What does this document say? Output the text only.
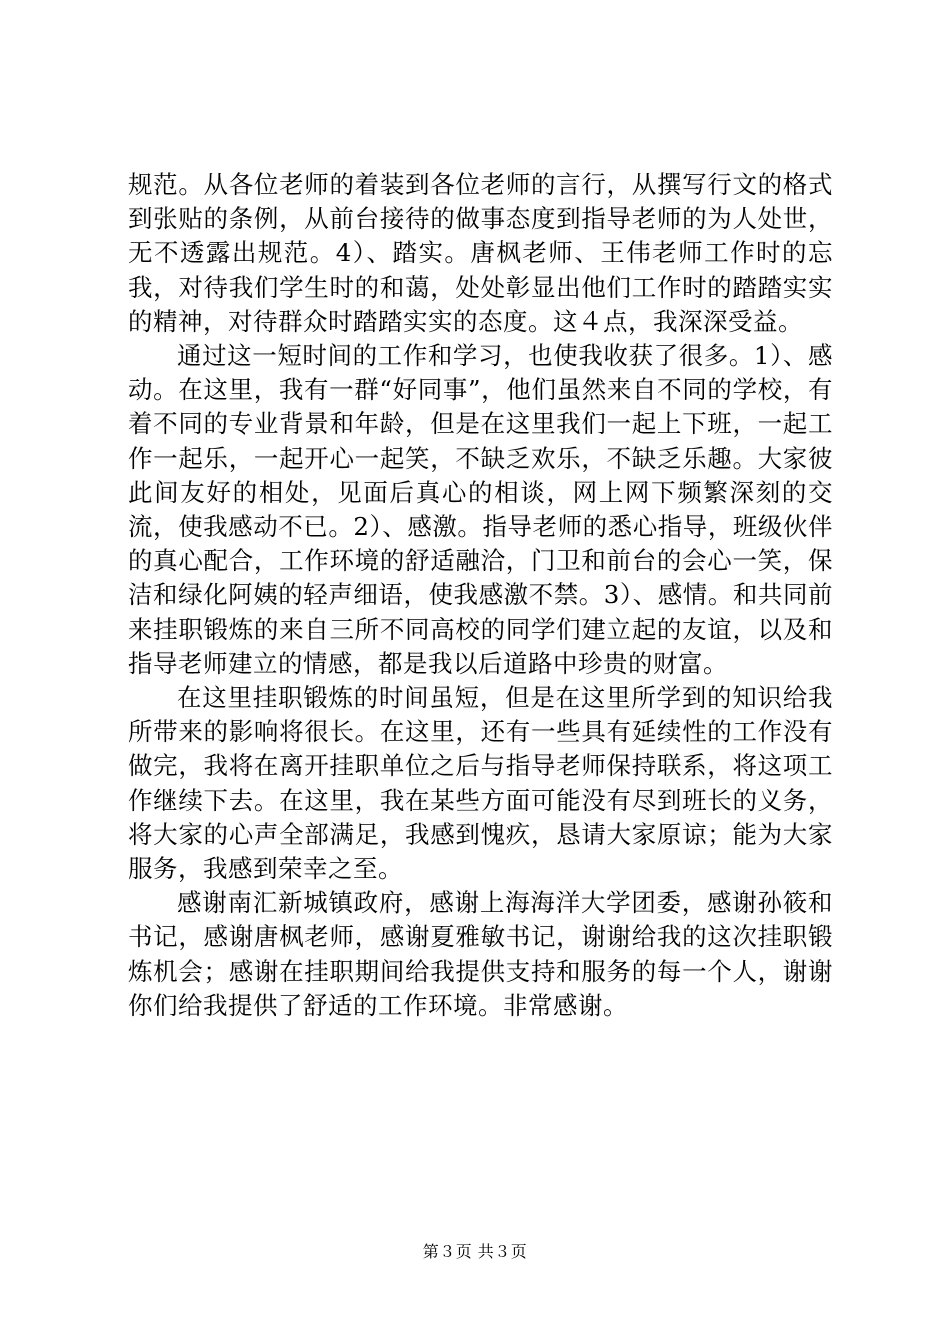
规范。从各位老师的着装到各位老师的言行，从撰写行文的格式到张贴的条例，从前台接待的做事态度到指导老师的为人处世，无不透露出规范。4）、踏实。唐枫老师、王伟老师工作时的忘我，对待我们学生时的和蔼，处处彰显出他们工作时的踏踏实实的精神，对待群众时踏踏实实的态度。这４点，我深深受益。

通过这一短时间的工作和学习，也使我收获了很多。1）、感动。在这里，我有一群“好同事”，他们虽然来自不同的学校，有着不同的专业背景和年龄，但是在这里我们一起上下班，一起工作一起乐，一起开心一起笑，不缺乏欢乐，不缺乏乐趣。大家彼此间友好的相处，见面后真心的相谈，网上网下频繁深刻的交流，使我感动不已。2）、感激。指导老师的悉心指导，班级伙伴的真心配合，工作环境的舒适融洽，门卫和前台的会心一笑，保洁和绿化阿姨的轻声细语，使我感激不禁。3）、感情。和共同前来挂职锻炼的来自三所不同高校的同学们建立起的友谊，以及和指导老师建立的情感，都是我以后道路中珍贵的财富。

在这里挂职锻炼的时间虽短，但是在这里所学到的知识给我所带来的影响将很长。在这里，还有一些具有延续性的工作没有做完，我将在离开挂职单位之后与指导老师保持联系，将这项工作继续下去。在这里，我在某些方面可能没有尽到班长的义务，将大家的心声全部满足，我感到愧疚，恳请大家原谅；能为大家服务，我感到荣幸之至。

感谢南汇新城镇政府，感谢上海海洋大学团委，感谢孙筱和书记，感谢唐枫老师，感谢夏雅敏书记，谢谢给我的这次挂职锻炼机会；感谢在挂职期间给我提供支持和服务的每一个人，谢谢你们给我提供了舒适的工作环境。非常感谢。

第３页 共３页
